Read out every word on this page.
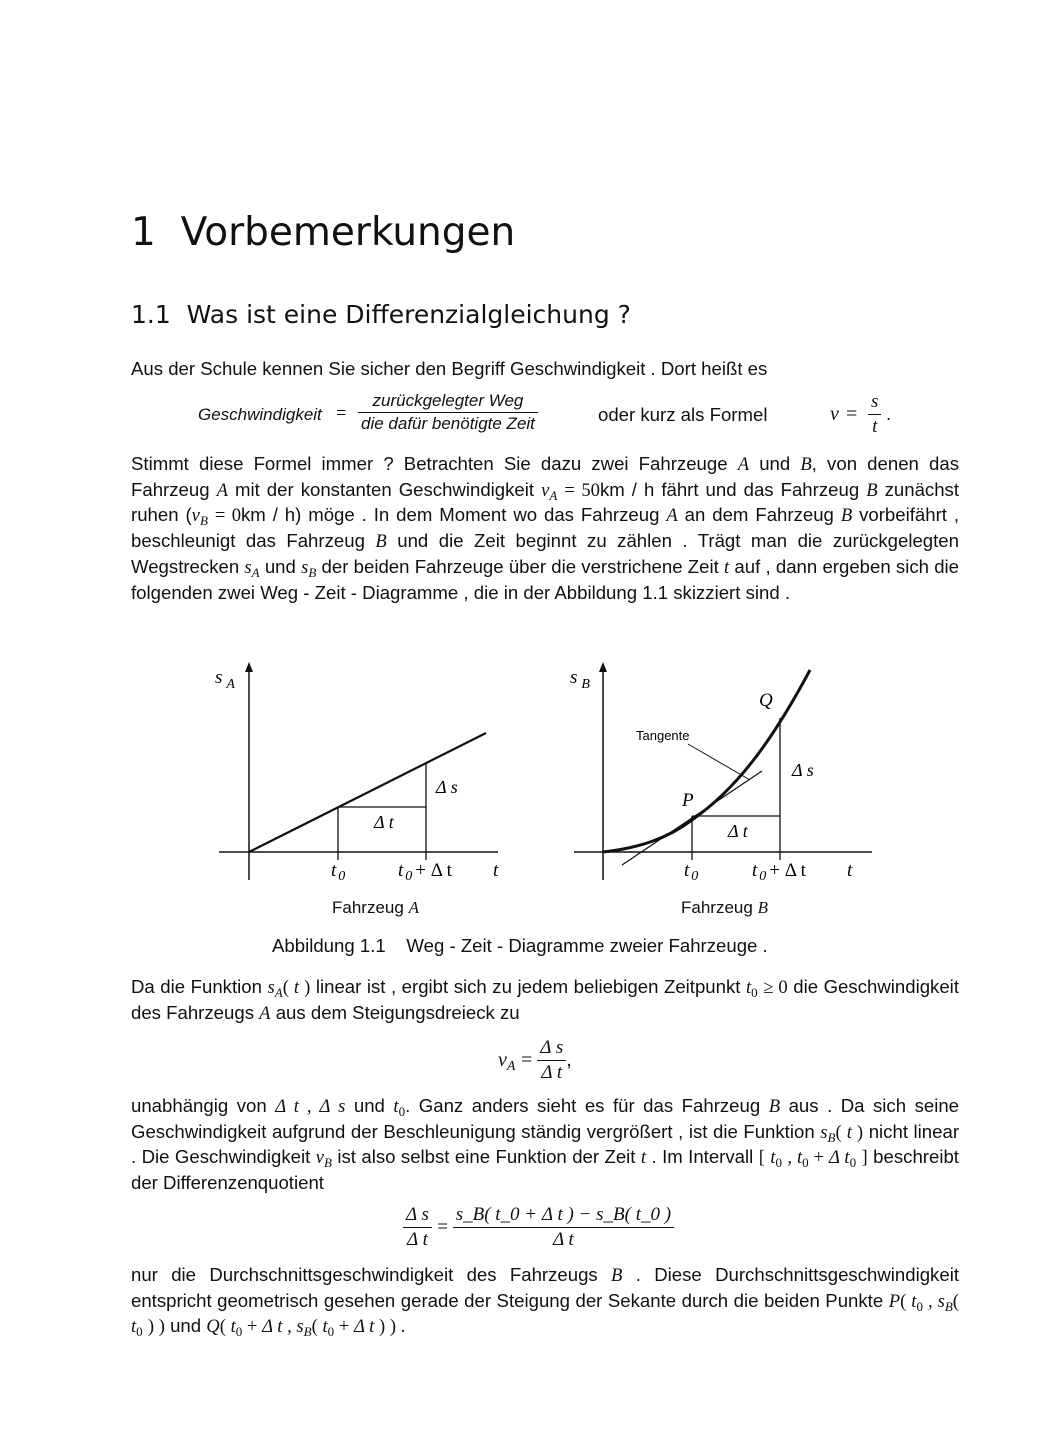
1 Vorbemerkungen
1.1 Was ist eine Differenzialgleichung ?
Aus der Schule kennen Sie sicher den Begriff Geschwindigkeit . Dort heißt es
Geschwindigkeit =
zurückgelegter Weg
die dafür benötigte Zeit	oder kurz als Formel	$v = \frac{s}{t}$ .
Stimmt diese Formel immer ? Betrachten Sie dazu zwei Fahrzeuge A und B, von denen das Fahrzeug A mit der konstanten Geschwindigkeit $v_A = 50km / h$ fährt und das Fahrzeug B zunächst ruhen $(v_B = 0km / h)$ möge . In dem Moment wo das Fahrzeug A an dem Fahrzeug B vorbeifährt , beschleunigt das Fahrzeug B und die Zeit beginnt zu zählen . Trägt man die zurückgelegten Wegstrecken $s_A$ und $s_B$ der beiden Fahrzeuge über die verstrichene Zeit t auf , dann ergeben sich die folgenden zwei Weg - Zeit - Diagramme , die in der Abbildung 1.1 skizziert sind .
s $_A$
Δ s
Δ t
t $_0$	t $_0$ + Δ t t
s $_B$
Q
P
Tangente
Δ s
Δ t
t $_0$	t $_0$ + Δ t t
Fahrzeug A	Fahrzeug B
Abbildung 1.1 Weg - Zeit - Diagramme zweier Fahrzeuge .
Da die Funktion $s_A$( t ) linear ist , ergibt sich zu jedem beliebigen Zeitpunkt $t_0 \ge 0$ die Geschwindigkeit des Fahrzeugs A aus dem Steigungsdreieck zu
$v_A = \frac{\text{Δ s}}{\text{Δ t}}$ ,
unabhängig von Δ t , Δ s und $t_0$. Ganz anders sieht es für das Fahrzeug B aus . Da sich seine Geschwindigkeit aufgrund der Beschleunigung ständig vergrößert , ist die Funktion $s_B$( t ) nicht linear . Die Geschwindigkeit $v_B$ ist also selbst eine Funktion der Zeit t . Im Intervall [ $t_0$ , $t_0 + \Delta$ $t_0$ ] beschreibt der Differenzenquotient
$\frac{\text{Δ s}}{\text{Δ t}} = \frac{\text{s\_B( t\_0 + Δ t ) − s\_B( t\_0 )}}{\text{Δ t}}$
nur die Durchschnittsgeschwindigkeit des Fahrzeugs B . Diese Durchschnittsgeschwindigkeit entspricht geometrisch gesehen gerade der Steigung der Sekante durch die beiden Punkte P( $t_0$ , $s_B$( $t_0$ ) ) und Q( $t_0 + \Delta$ t , $s_B$( $t_0 + \Delta$ t ) ) .
